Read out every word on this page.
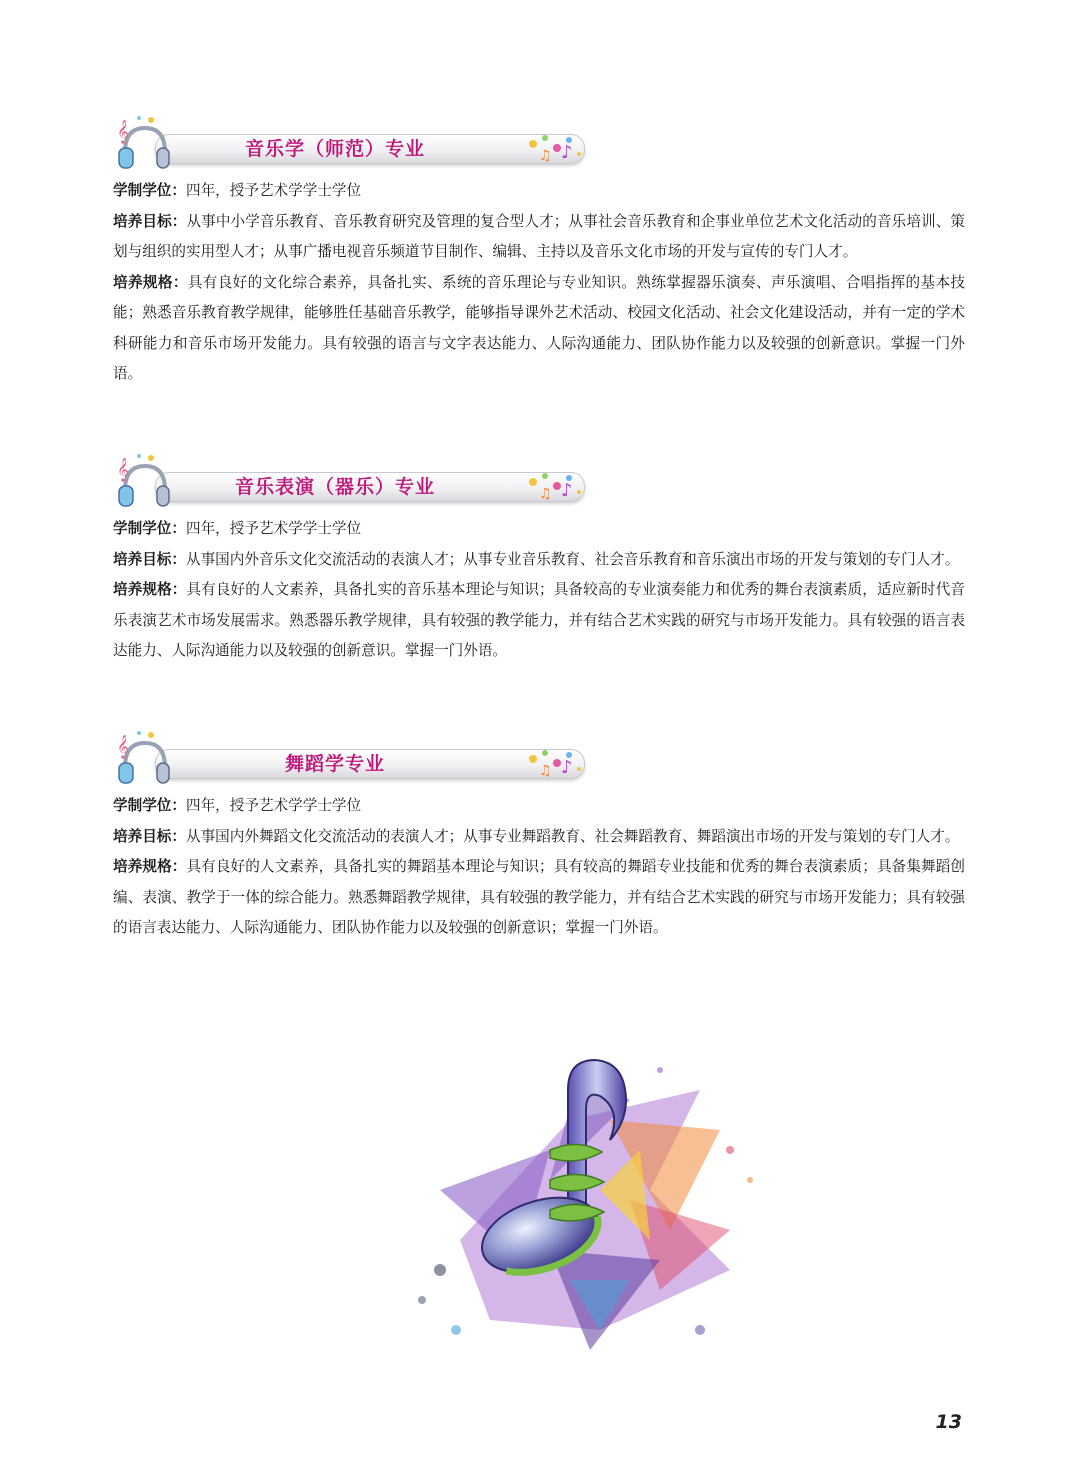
音乐学（师范）专业
𝄞
♪
♫

学制学位：四年，授予艺术学学士学位

培养目标：从事中小学音乐教育、音乐教育研究及管理的复合型人才；从事社会音乐教育和企事业单位艺术文化活动的音乐培训、策划与组织的实用型人才；从事广播电视音乐频道节目制作、编辑、主持以及音乐文化市场的开发与宣传的专门人才。

培养规格：具有良好的文化综合素养，具备扎实、系统的音乐理论与专业知识。熟练掌握器乐演奏、声乐演唱、合唱指挥的基本技能；熟悉音乐教育教学规律，能够胜任基础音乐教学，能够指导课外艺术活动、校园文化活动、社会文化建设活动，并有一定的学术科研能力和音乐市场开发能力。具有较强的语言与文字表达能力、人际沟通能力、团队协作能力以及较强的创新意识。掌握一门外语。

音乐表演（器乐）专业
𝄞
♪
♫

学制学位：四年，授予艺术学学士学位

培养目标：从事国内外音乐文化交流活动的表演人才；从事专业音乐教育、社会音乐教育和音乐演出市场的开发与策划的专门人才。

培养规格：具有良好的人文素养，具备扎实的音乐基本理论与知识；具备较高的专业演奏能力和优秀的舞台表演素质，适应新时代音乐表演艺术市场发展需求。熟悉器乐教学规律，具有较强的教学能力，并有结合艺术实践的研究与市场开发能力。具有较强的语言表达能力、人际沟通能力以及较强的创新意识。掌握一门外语。

舞蹈学专业
𝄞
♪
♫

学制学位：四年，授予艺术学学士学位

培养目标：从事国内外舞蹈文化交流活动的表演人才；从事专业舞蹈教育、社会舞蹈教育、舞蹈演出市场的开发与策划的专门人才。

培养规格：具有良好的人文素养，具备扎实的舞蹈基本理论与知识；具有较高的舞蹈专业技能和优秀的舞台表演素质；具备集舞蹈创编、表演、教学于一体的综合能力。熟悉舞蹈教学规律，具有较强的教学能力，并有结合艺术实践的研究与市场开发能力；具有较强的语言表达能力、人际沟通能力、团队协作能力以及较强的创新意识；掌握一门外语。

13
